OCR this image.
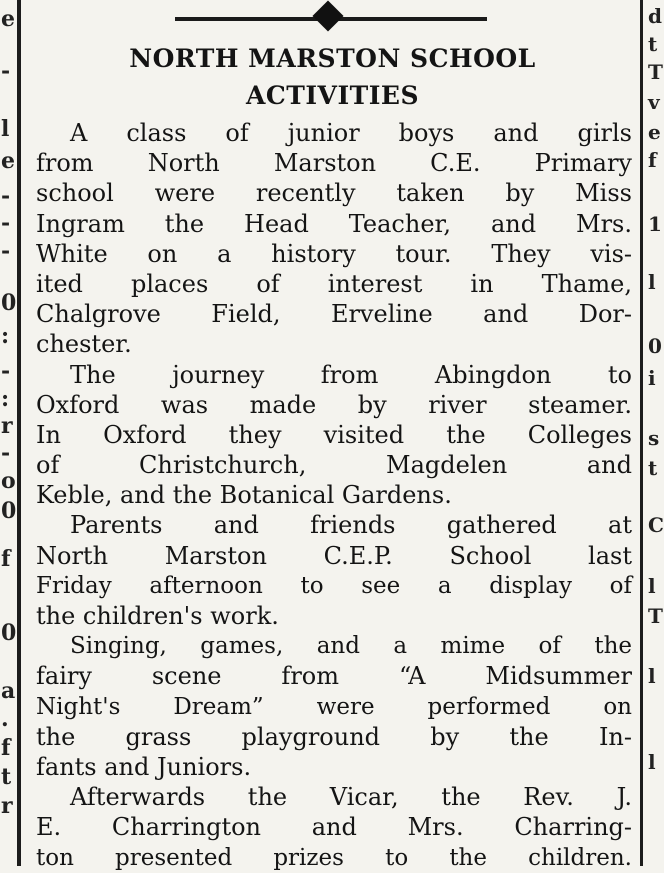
e
-
l
e
-
-
-
0
:
-
:
r
-
o
0
f
0
a
.
f
t
r
d
t
T
v
e
f
1
l
0
i
s
t
C
l
T
l
l
NORTH MARSTON SCHOOL
ACTIVITIES
A class of junior boys and girls
from North Marston C.E. Primary
school were recently taken by Miss
Ingram the Head Teacher, and Mrs.
White on a history tour. They vis-
ited places of interest in Thame,
Chalgrove Field, Erveline and Dor-
chester.
The journey from Abingdon to
Oxford was made by river steamer.
In Oxford they visited the Colleges
of Christchurch, Magdelen and
Keble, and the Botanical Gardens.
Parents and friends gathered at
North Marston C.E.P. School last
Friday afternoon to see a display of
the children's work.
Singing, games, and a mime of the
fairy scene from “A Midsummer
Night's Dream” were performed on
the grass playground by the In-
fants and Juniors.
Afterwards the Vicar, the Rev. J.
E. Charrington and Mrs. Charring-
ton presented prizes to the children.
